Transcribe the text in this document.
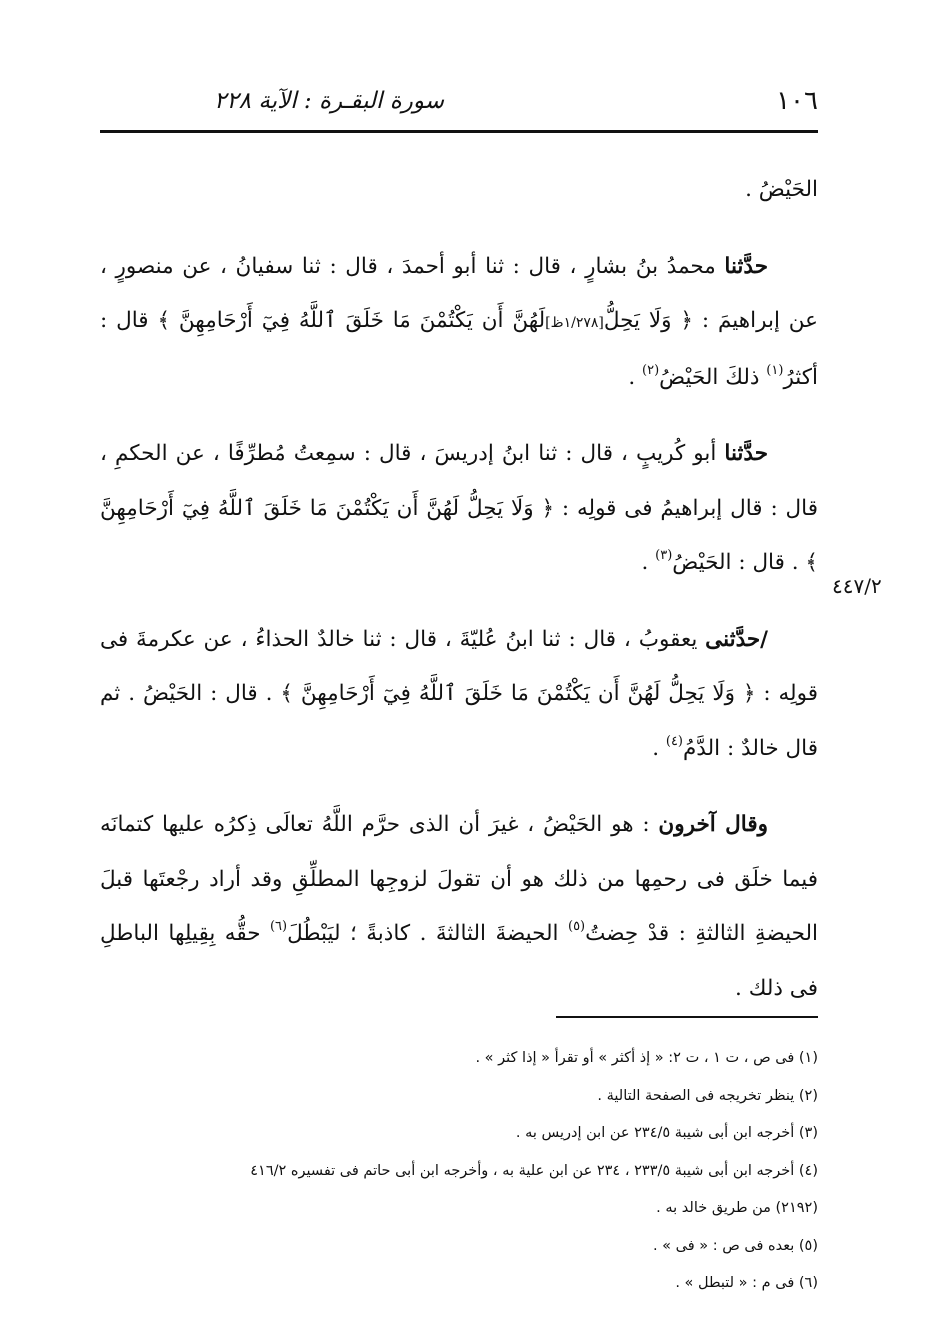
١٠٦
سورة البقـرة : الآية ٢٢٨
٤٤٧/٢

الحَيْضُ .

حدَّثنا محمدُ بنُ بشارٍ ، قال : ثنا أبو أحمدَ ، قال : ثنا سفيانُ ، عن منصورٍ ، عن إبراهيمَ : ﴿ وَلَا يَحِلُّ[١/٢٧٨ظ]لَهُنَّ أَن يَكْتُمْنَ مَا خَلَقَ ٱللَّهُ فِيٓ أَرْحَامِهِنَّ ﴾ قال : أكثرُ$^{(١)}$ ذلكَ الحَيْضُ$^{(٢)}$ .

حدَّثنا أبو كُريبٍ ، قال : ثنا ابنُ إدريسَ ، قال : سمِعتُ مُطرِّفًا ، عن الحكمِ ، قال : قال إبراهيمُ فى قولِه : ﴿ وَلَا يَحِلُّ لَهُنَّ أَن يَكْتُمْنَ مَا خَلَقَ ٱللَّهُ فِيٓ أَرْحَامِهِنَّ ﴾ . قال : الحَيْضُ$^{(٣)}$ .

/حدَّثنى يعقوبُ ، قال : ثنا ابنُ عُليّةَ ، قال : ثنا خالدٌ الحذاءُ ، عن عكرمةَ فى قولِه : ﴿ وَلَا يَحِلُّ لَهُنَّ أَن يَكْتُمْنَ مَا خَلَقَ ٱللَّهُ فِيٓ أَرْحَامِهِنَّ ﴾ . قال : الحَيْضُ . ثم قال خالدٌ : الدَّمُ$^{(٤)}$ .

وقال آخرون : هو الحَيْضُ ، غيرَ أن الذى حرَّم اللَّهُ تعالَى ذِكرُه عليها كتمانَه فيما خلَق فى رحمِها من ذلك هو أن تقولَ لزوجِها المطلِّقِ وقد أراد رجْعتَها قبلَ الحيضةِ الثالثةِ : قدْ حِضتُ$^{(٥)}$ الحيضةَ الثالثةَ . كاذبةً ؛ ليَبْطُلَ$^{(٦)}$ حقُّه بِقِيلِها الباطلِ فى ذلك .

(١) فى ص ، ت ١ ، ت ٢: « إذ أكثر » أو تقرأ « إذا كثر » .
(٢) ينظر تخريجه فى الصفحة التالية .
(٣) أخرجه ابن أبى شيبة ٢٣٤/٥ عن ابن إدريس به .
(٤) أخرجه ابن أبى شيبة ٢٣٣/٥ ، ٢٣٤ عن ابن علية به ، وأخرجه ابن أبى حاتم فى تفسيره ٤١٦/٢
(٢١٩٢) من طريق خالد به .
(٥) بعده فى ص : « فى » .
(٦) فى م : « لتبطل » .
